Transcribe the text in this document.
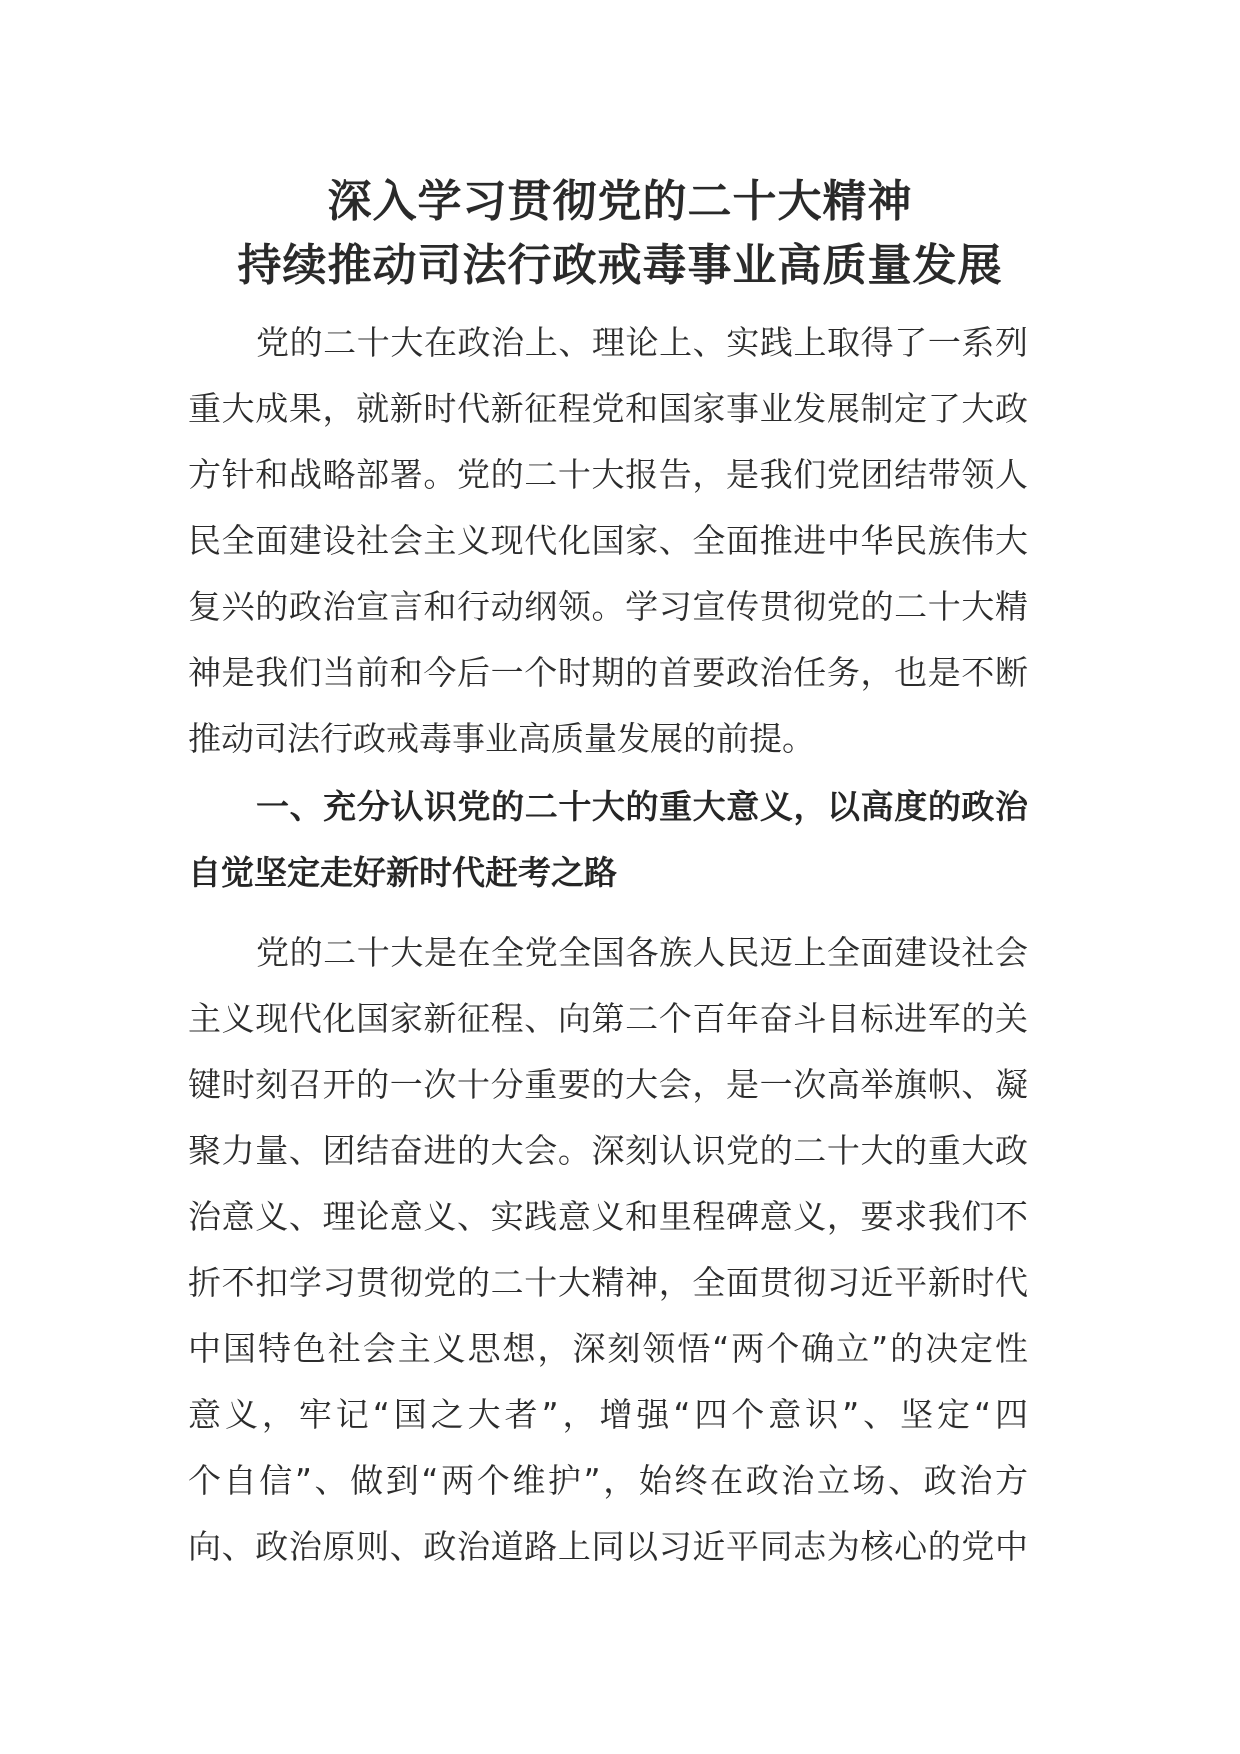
深入学习贯彻党的二十大精神
持续推动司法行政戒毒事业高质量发展
党的二十大在政治上、理论上、实践上取得了一系列
重大成果，就新时代新征程党和国家事业发展制定了大政
方针和战略部署。党的二十大报告，是我们党团结带领人
民全面建设社会主义现代化国家、全面推进中华民族伟大
复兴的政治宣言和行动纲领。学习宣传贯彻党的二十大精
神是我们当前和今后一个时期的首要政治任务，也是不断
推动司法行政戒毒事业高质量发展的前提。
一、充分认识党的二十大的重大意义，以高度的政治
自觉坚定走好新时代赶考之路
党的二十大是在全党全国各族人民迈上全面建设社会
主义现代化国家新征程、向第二个百年奋斗目标进军的关
键时刻召开的一次十分重要的大会，是一次高举旗帜、凝
聚力量、团结奋进的大会。深刻认识党的二十大的重大政
治意义、理论意义、实践意义和里程碑意义，要求我们不
折不扣学习贯彻党的二十大精神，全面贯彻习近平新时代
中国特色社会主义思想，深刻领悟“两个确立”的决定性
意义，牢记“国之大者”，增强“四个意识”、坚定“四
个自信”、做到“两个维护”，始终在政治立场、政治方
向、政治原则、政治道路上同以习近平同志为核心的党中
